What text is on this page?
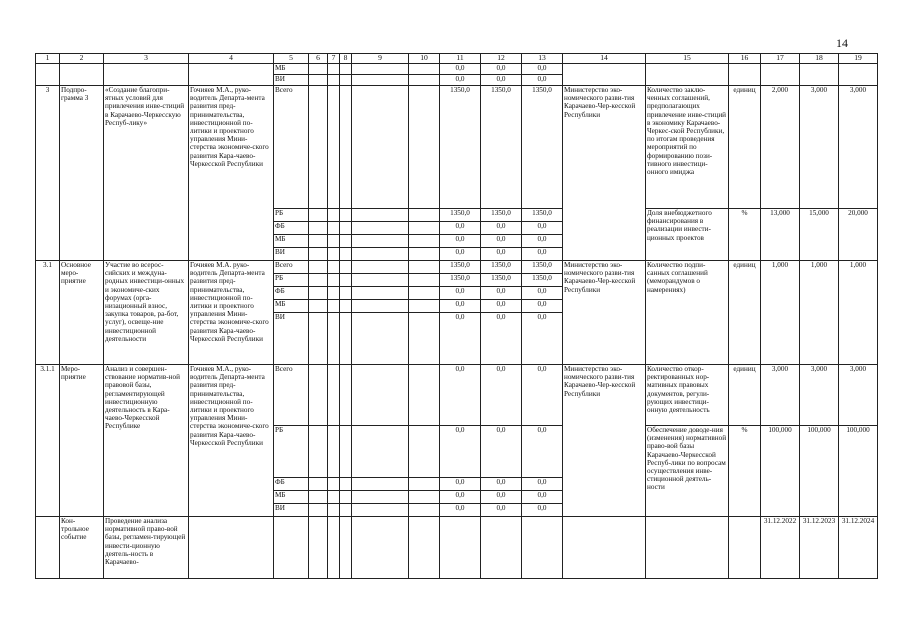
14
1	2	3	4	5	6	7	8	9	10	11	12	13	14	15	16	17	18	19
				МБ						0,0	0,0	0,0						
				ВИ						0,0	0,0	0,0						
3	Подпро-грамма 3	«Создание благопри-ятных условий для привлечения инве-стиций в Карачаево-Черкесскую Респуб-лику»	Гочияев М.А., руко-водитель Департа-мента развития пред-принимательства, инвестиционной по-литики и проектного управления Мини-стерства экономиче-ского развития Кара-чаево-Черкесской Республики	Всего						1350,0	1350,0	1350,0	Министерство эко-номического разви-тия Карачаево-Чер-кесской Республики	Количество заклю-ченных соглашений, предполагающих привлечение инве-стиций в экономику Карачаево-Черкес-ской Республики, по итогам проведения мероприятий по формированию пози-тивного инвестици-онного имиджа	единиц	2,000	3,000	3,000
				РБ						1350,0	1350,0	1350,0		Доля внебюджетного финансирования в реализации инвести-ционных проектов	%	13,000	15,000	20,000
				ФБ						0,0	0,0	0,0						
				МБ						0,0	0,0	0,0						
				ВИ						0,0	0,0	0,0						
3.1	Основное меро-приятие	Участие во всерос-сийских и междуна-родных инвестици-онных и экономиче-ских форумах (орга-низационный взнос, закупка товаров, ра-бот, услуг), освеще-ние инвестиционной деятельности	Гочияев М.А. руко-водитель Департа-мента развития пред-принимательства, инвестиционной по-литики и проектного управления Мини-стерства экономиче-ского развития Кара-чаево-Черкесской Республики	Всего						1350,0	1350,0	1350,0	Министерство эко-номического разви-тия Карачаево-Чер-кесской Республики	Количество подпи-санных соглашений (меморандумов о намерениях)	единиц	1,000	1,000	1,000
				РБ						1350,0	1350,0	1350,0						
				ФБ						0,0	0,0	0,0						
				МБ						0,0	0,0	0,0						
				ВИ						0,0	0,0	0,0						
3.1.1	Меро-приятие	Анализ и совершен-ствование норматив-ной правовой базы, регламентирующей инвестиционную деятельность в Кара-чаево-Черкесской Республике	Гочияев М.А., руко-водитель Департа-мента развития пред-принимательства, инвестиционной по-литики и проектного управления Мини-стерства экономиче-ского развития Кара-чаево-Черкесской Республики	Всего						0,0	0,0	0,0	Министерство эко-номического разви-тия Карачаево-Чер-кесской Республики	Количество откор-ректированных нор-мативных правовых документов, регули-рующих инвестици-онную деятельность	единиц	3,000	3,000	3,000
				РБ						0,0	0,0	0,0		Обеспечение доводе-ния (изменения) нормативной право-вой базы Карачаево-Черкесской Респуб-лики по вопросам осуществления инве-стиционной деятель-ности	%	100,000	100,000	100,000
				ФБ						0,0	0,0	0,0						
				МБ						0,0	0,0	0,0						
				ВИ						0,0	0,0	0,0						
	Кон-трольное событие	Проведение анализа нормативной право-вой базы, регламен-тирующей инвести-ционную деятель-ность в Карачаево-														31.12.2022	31.12.2023	31.12.2024
